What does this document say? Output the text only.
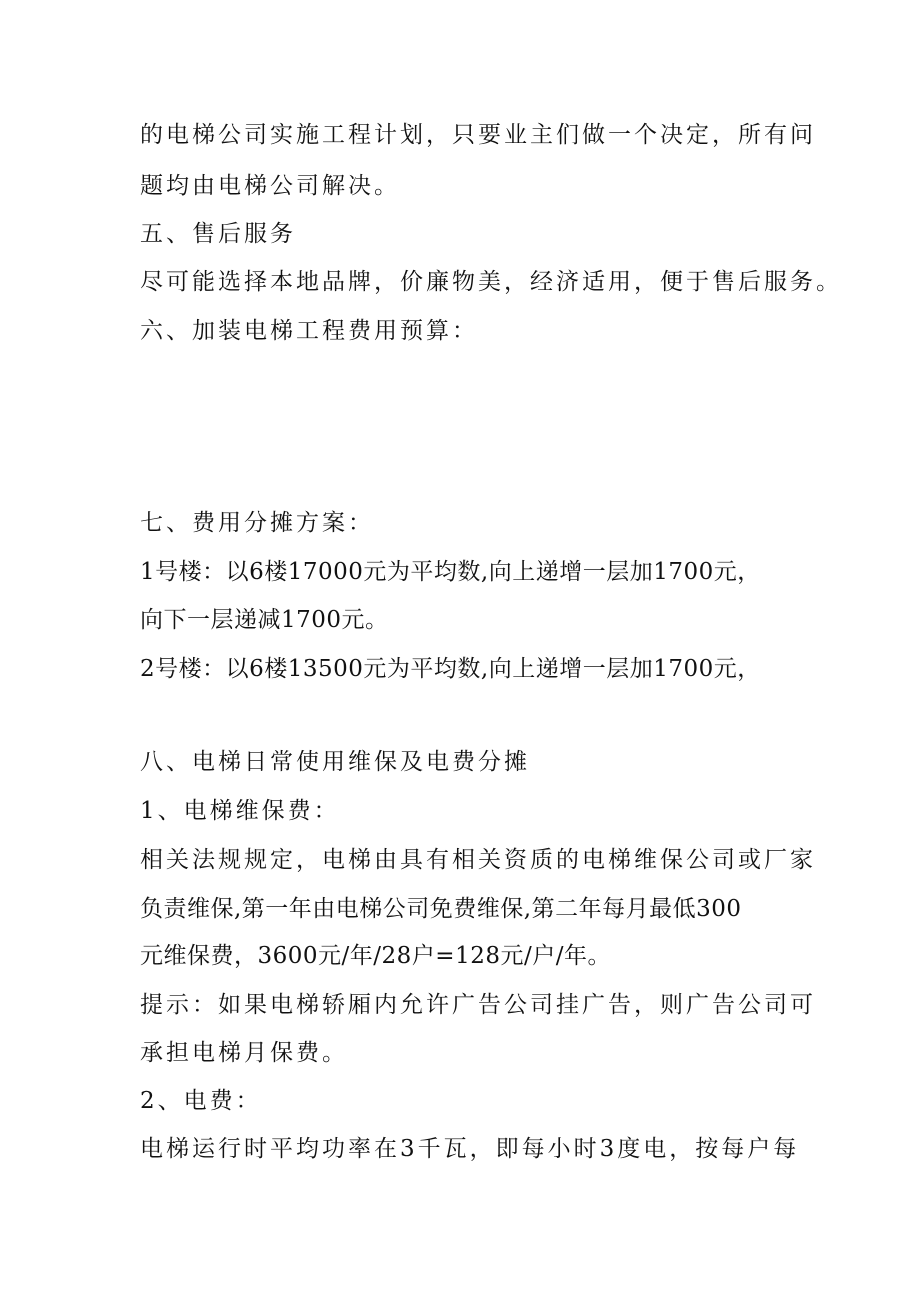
的电梯公司实施工程计划，只要业主们做一个决定，所有问
题均由电梯公司解决。
五、售后服务
尽可能选择本地品牌，价廉物美，经济适用，便于售后服务。
六、加装电梯工程费用预算：
七、费用分摊方案：
1号楼：以6楼17000元为平均数,向上递增一层加1700元，
向下一层递减1700元。
2号楼：以6楼13500元为平均数,向上递增一层加1700元，
八、电梯日常使用维保及电费分摊
1、电梯维保费：
相关法规规定，电梯由具有相关资质的电梯维保公司或厂家
负责维保,第一年由电梯公司免费维保,第二年每月最低300
元维保费，3600元/年/28户=128元/户/年。
提示：如果电梯轿厢内允许广告公司挂广告，则广告公司可
承担电梯月保费。
2、电费：
电梯运行时平均功率在3千瓦，即每小时3度电，按每户每
